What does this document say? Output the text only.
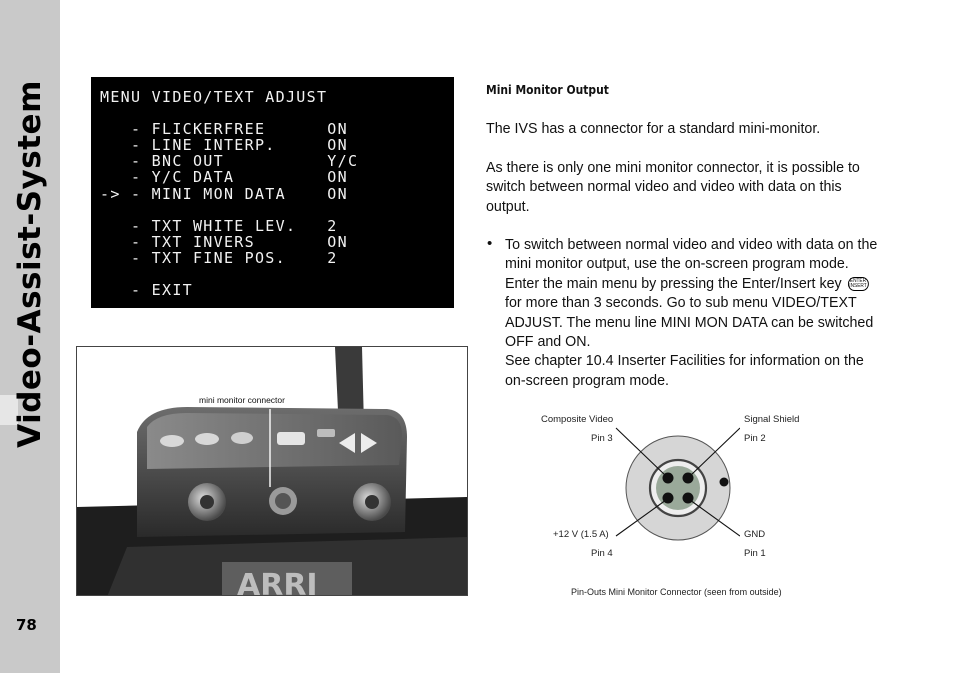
Video-Assist-System
78
MENU VIDEO/TEXT ADJUST
- FLICKERFREE      ON
- LINE INTERP.     ON
- BNC OUT          Y/C
- Y/C DATA         ON
-> - MINI MON DATA    ON
- TXT WHITE LEV.   2
- TXT INVERS       ON
- TXT FINE POS.    2
- EXIT
ARRI
mini monitor connector
Mini Monitor Output
The IVS has a connector for a standard mini-monitor.
As there is only one mini monitor connector, it is possible to switch between normal video and video with data on this output.
• To switch between normal video and video with data on the mini monitor output, use the on-screen program mode. Enter the main menu by pressing the Enter/Insert key ENTER
INSERT for more than 3 seconds. Go to sub menu VIDEO/TEXT ADJUST. The menu line MINI MON DATA can be switched OFF and ON.
See chapter 10.4 Inserter Facilities for information on the on-screen program mode.
Composite Video
Pin 3
Signal Shield
Pin 2
+12 V (1.5 A)
Pin 4
GND
Pin 1
Pin-Outs Mini Monitor Connector (seen from outside)
